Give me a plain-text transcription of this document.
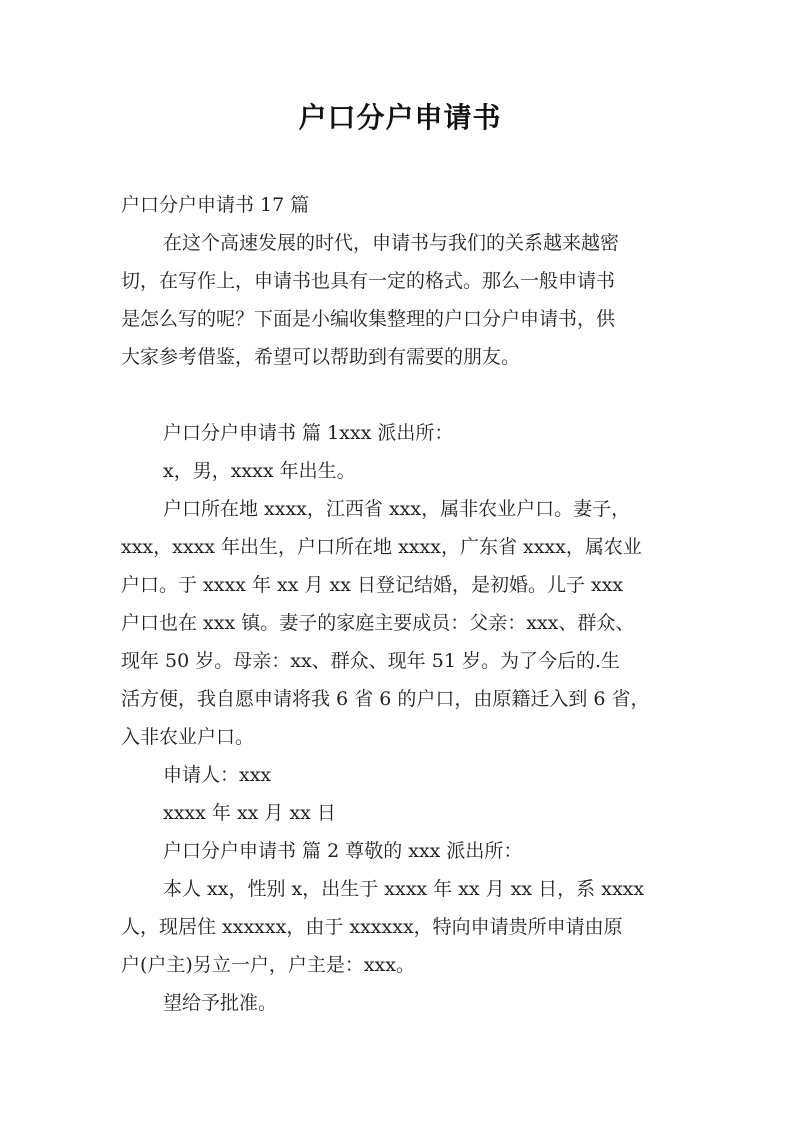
户口分户申请书
户口分户申请书 17 篇
在这个高速发展的时代，申请书与我们的关系越来越密
切，在写作上，申请书也具有一定的格式。那么一般申请书
是怎么写的呢？下面是小编收集整理的户口分户申请书，供
大家参考借鉴，希望可以帮助到有需要的朋友。
户口分户申请书 篇 1xxx 派出所：
x，男，xxxx 年出生。
户口所在地 xxxx，江西省 xxx，属非农业户口。妻子，
xxx，xxxx 年出生，户口所在地 xxxx，广东省 xxxx，属农业
户口。于 xxxx 年 xx 月 xx 日登记结婚，是初婚。儿子 xxx
户口也在 xxx 镇。妻子的家庭主要成员：父亲：xxx、群众、
现年 50 岁。母亲：xx、群众、现年 51 岁。为了今后的.生
活方便，我自愿申请将我 6 省 6 的户口，由原籍迁入到 6 省，
入非农业户口。
申请人：xxx
xxxx 年 xx 月 xx 日
户口分户申请书 篇 2 尊敬的 xxx 派出所：
本人 xx，性别 x，出生于 xxxx 年 xx 月 xx 日，系 xxxx
人，现居住 xxxxxx，由于 xxxxxx，特向申请贵所申请由原
户(户主)另立一户，户主是：xxx。
望给予批准。
